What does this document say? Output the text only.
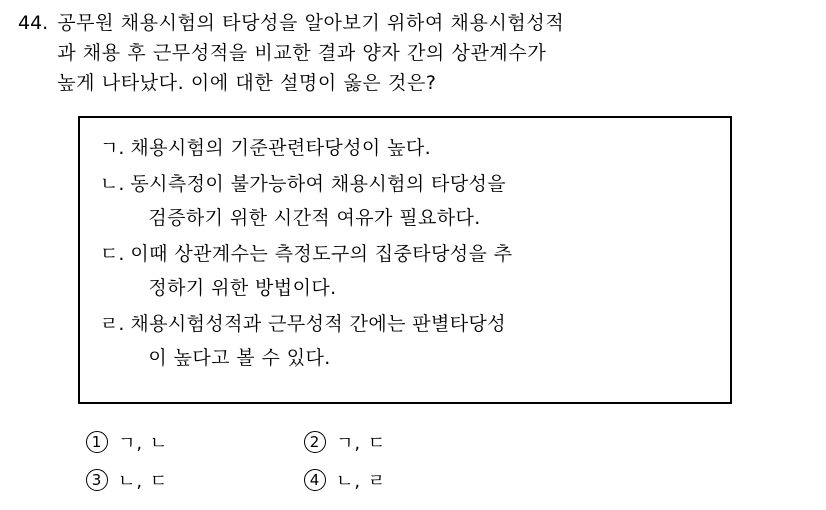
44. 공무원 채용시험의 타당성을 알아보기 위하여 채용시험성적
과 채용 후 근무성적을 비교한 결과 양자 간의 상관계수가
높게 나타났다. 이에 대한 설명이 옳은 것은?
ㄱ. 채용시험의 기준관련타당성이 높다.
ㄴ. 동시측정이 불가능하여 채용시험의 타당성을
검증하기 위한 시간적 여유가 필요하다.
ㄷ. 이때 상관계수는 측정도구의 집중타당성을 추
정하기 위한 방법이다.
ㄹ. 채용시험성적과 근무성적 간에는 판별타당성
이 높다고 볼 수 있다.
1 ㄱ, ㄴ	2 ㄱ, ㄷ
3 ㄴ, ㄷ	4 ㄴ, ㄹ
